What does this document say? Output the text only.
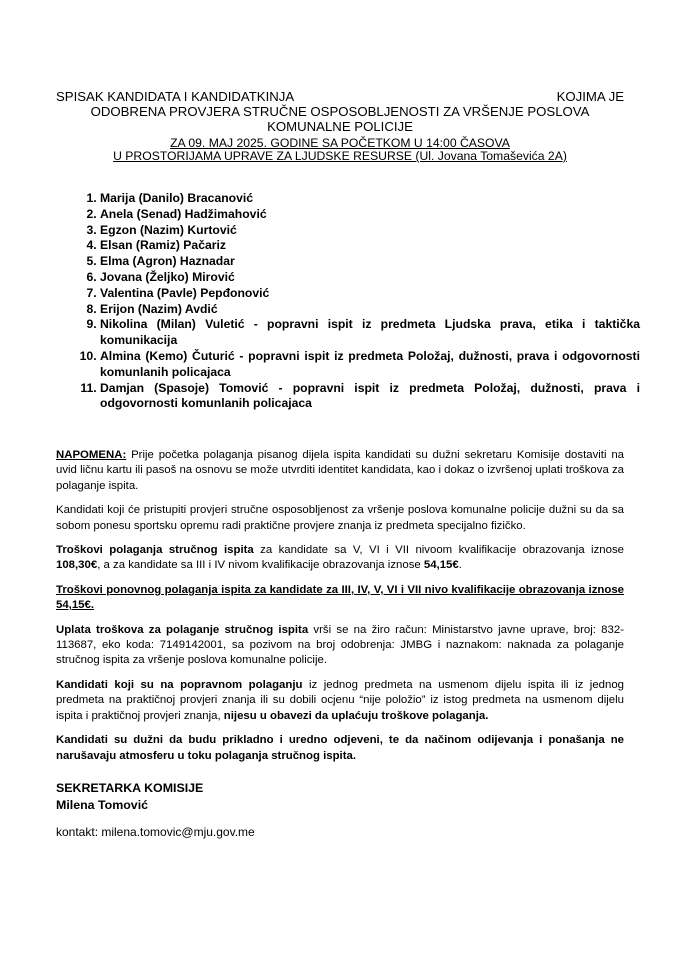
SPISAK KANDIDATA I KANDIDATKINJA	KOJIMA JE
ODOBRENA PROVJERA STRUČNE OSPOSOBLJENOSTI ZA VRŠENJE POSLOVA
KOMUNALNE POLICIJE
ZA 09. MAJ 2025. GODINE SA POČETKOM U 14:00 ČASOVA
U PROSTORIJAMA UPRAVE ZA LJUDSKE RESURSE (Ul. Jovana Tomaševića 2A)
1. Marija (Danilo) Bracanović
2. Anela (Senad) Hadžimahović
3. Egzon (Nazim) Kurtović
4. Elsan (Ramiz) Pačariz
5. Elma (Agron) Haznadar
6. Jovana (Željko) Mirović
7. Valentina (Pavle) Pepđonović
8. Erijon (Nazim) Avdić
9. Nikolina (Milan) Vuletić - popravni ispit iz predmeta Ljudska prava, etika i taktička komunikacija
10. Almina (Kemo) Čuturić - popravni ispit iz predmeta Položaj, dužnosti, prava i odgovornosti komunlanih policajaca
11. Damjan (Spasoje) Tomović - popravni ispit iz predmeta Položaj, dužnosti, prava i odgovornosti komunlanih policajaca

NAPOMENA: Prije početka polaganja pisanog dijela ispita kandidati su dužni sekretaru Komisije dostaviti na uvid ličnu kartu ili pasoš na osnovu se može utvrditi identitet kandidata, kao i dokaz o izvršenoj uplati troškova za polaganje ispita.

Kandidati koji će pristupiti provjeri stručne osposobljenost za vršenje poslova komunalne policije dužni su da sa sobom ponesu sportsku opremu radi praktične provjere znanja iz predmeta specijalno fizičko.

Troškovi polaganja stručnog ispita za kandidate sa V, VI i VII nivoom kvalifikacije obrazovanja iznose 108,30€, a za kandidate sa III i IV nivom kvalifikacije obrazovanja iznose 54,15€.

Troškovi ponovnog polaganja ispita za kandidate za III, IV, V, VI i VII nivo kvalifikacije obrazovanja iznose 54,15€.

Uplata troškova za polaganje stručnog ispita vrši se na žiro račun: Ministarstvo javne uprave, broj: 832-113687, eko koda: 7149142001, sa pozivom na broj odobrenja: JMBG i naznakom: naknada za polaganje stručnog ispita za vršenje poslova komunalne policije.

Kandidati koji su na popravnom polaganju iz jednog predmeta na usmenom dijelu ispita ili iz jednog predmeta na praktičnoj provjeri znanja ili su dobili ocjenu “nije položio” iz istog predmeta na usmenom dijelu ispita i praktičnoj provjeri znanja, nijesu u obavezi da uplaćuju troškove polaganja.

Kandidati su dužni da budu prikladno i uredno odjeveni, te da načinom odijevanja i ponašanja ne narušavaju atmosferu u toku polaganja stručnog ispita.

SEKRETARKA KOMISIJE
Milena Tomović
kontakt: milena.tomovic@mju.gov.me
